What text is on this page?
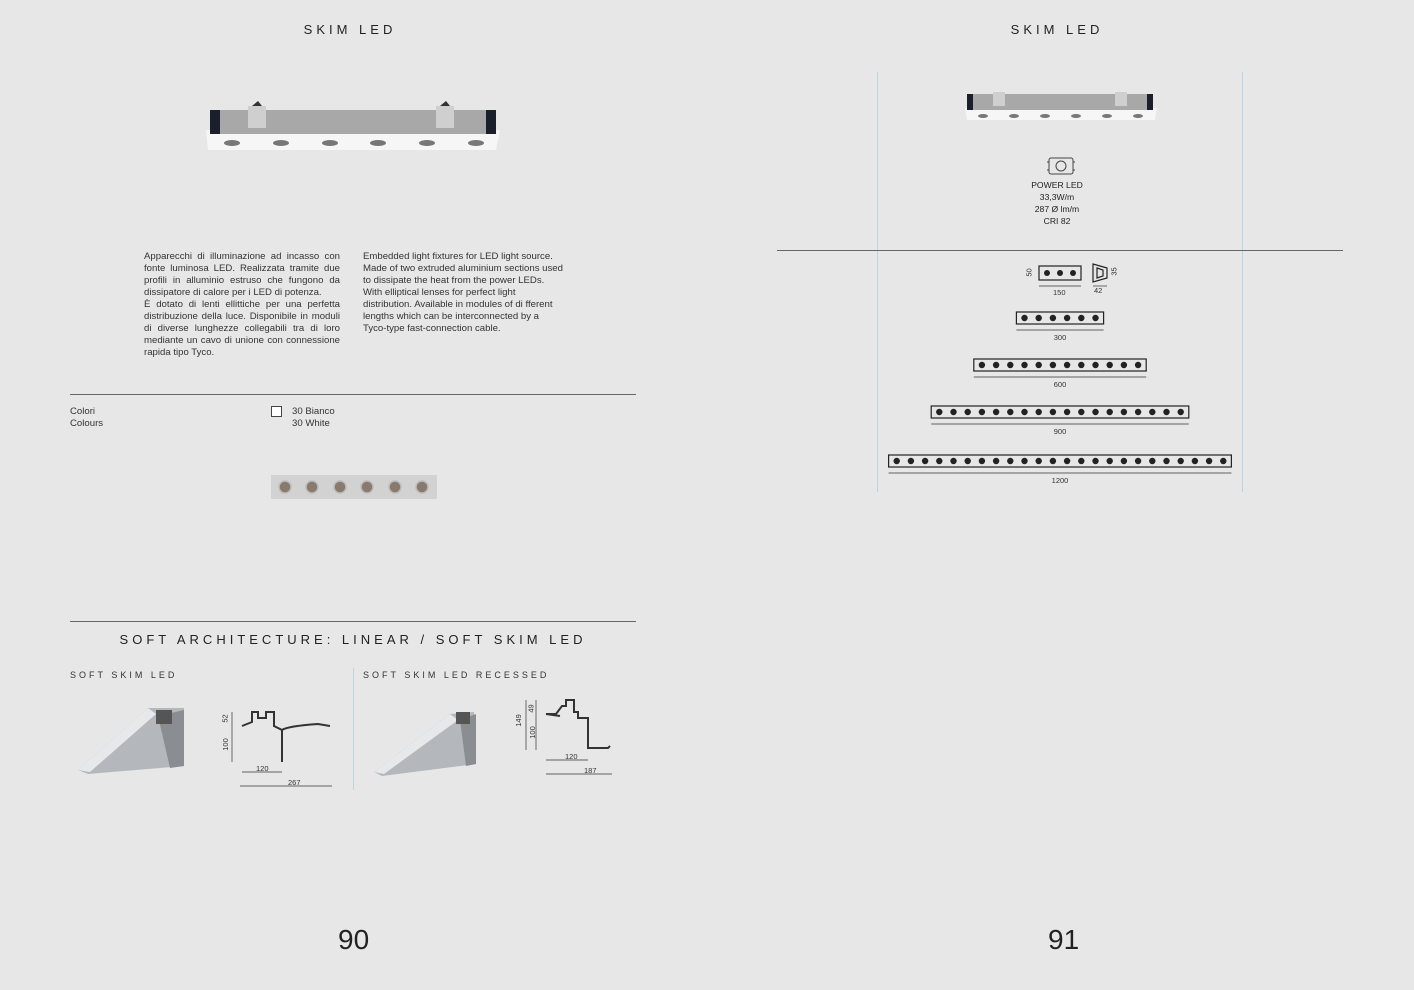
SKIM LED
Apparecchi di illuminazione ad incasso con fonte luminosa LED. Realizzata tramite due profili in alluminio estruso che fungono da dissipatore di calore per i LED di potenza.
È dotato di lenti ellittiche per una perfetta distribuzione della luce. Disponibile in moduli di diverse lunghezze collegabili tra di loro mediante un cavo di unione con connessione rapida tipo Tyco.
Embedded light fixtures for LED light source. Made of two extruded aluminium sections used to dissipate the heat from the power LEDs. With elliptical lenses for perfect light distribution. Available in modules of di fferent lengths which can be interconnected by a Tyco-type fast-connection cable.
Colori
Colours
30 Bianco
30 White
SOFT ARCHITECTURE: LINEAR / SOFT SKIM LED
SOFT SKIM LED	SOFT SKIM LED RECESSED
52
100
120
267
49
100
149
120
187
90
SKIM LED
POWER LED
33,3W/m
287 Ø lm/m
CRI 82
50
150
35
42
300
600
900
1200
91
